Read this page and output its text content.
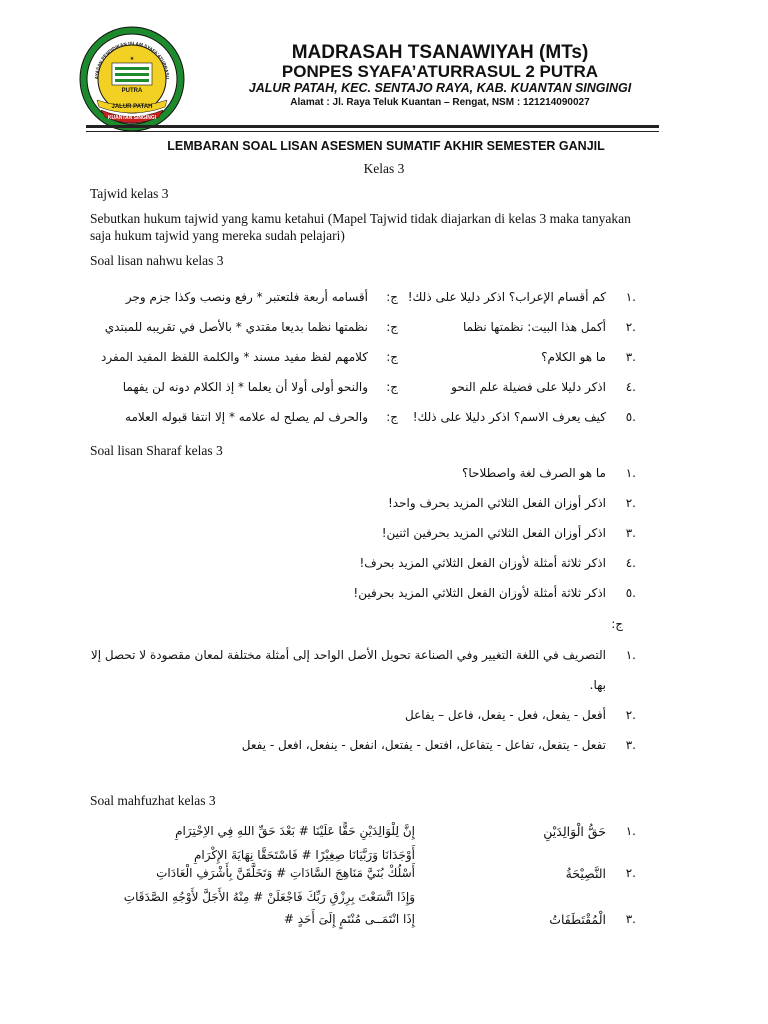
★
PUTRA
JALUR PATAH
KUANTAN SINGINGI
AYASAN PENDIDIKAN ISLAM SYAFA'ATURRASU
MADRASAH TSANAWIYAH (MTs)
PONPES SYAFA’ATURRASUL 2 PUTRA
JALUR PATAH, KEC. SENTAJO RAYA, KAB. KUANTAN SINGINGI
Alamat : Jl. Raya Teluk Kuantan – Rengat, NSM : 121214090027
LEMBARAN SOAL LISAN ASESMEN SUMATIF AKHIR SEMESTER GANJIL
Kelas 3
Tajwid kelas 3
Sebutkan hukum tajwid yang kamu ketahui (Mapel Tajwid tidak diajarkan di kelas 3 maka tanyakan saja hukum tajwid yang mereka sudah pelajari)
Soal lisan nahwu kelas 3
.١
كم أقسام الإعراب؟ اذكر دليلا على ذلك!
ج:
أقسامه أربعة فلتعتبر * رفع ونصب وكذا جزم وجر
.٢
أكمل هذا البيت: نظمتها نظما
ج:
نظمتها نظما بديعا مقتدي * بالأصل في تقريبه للمبتدي
.٣
ما هو الكلام؟
ج:
كلامهم لفظ مفيد مسند * والكلمة اللفظ المفيد المفرد
.٤
اذكر دليلا على فضيلة علم النحو
ج:
والنحو أولى أولا أن يعلما * إذ الكلام دونه لن يفهما
.٥
كيف يعرف الاسم؟ اذكر دليلا على ذلك!
ج:
والحرف لم يصلح له علامه * إلا انتفا قبوله العلامه
Soal lisan Sharaf kelas 3
.١
ما هو الصرف لغة واصطلاحا؟
.٢
اذكر أوزان الفعل الثلاثي المزيد بحرف واحد!
.٣
اذكر أوزان الفعل الثلاثي المزيد بحرفين اثنين!
.٤
اذكر ثلاثة أمثلة لأوزان الفعل الثلاثي المزيد بحرف!
.٥
اذكر ثلاثة أمثلة لأوزان الفعل الثلاثي المزيد بحرفين!
ج:
.١
التصريف في اللغة التغيير وفي الصناعة تحويل الأصل الواحد إلى أمثلة مختلفة لمعان مقصودة لا تحصل إلا
بها.
.٢
أفعل - يفعل، فعل - يفعل، فاعل – يفاعل
.٣
تفعل - يتفعل، تفاعل - يتفاعل، افتعل - يفتعل، انفعل - ينفعل، افعل - يفعل
Soal mahfuzhat kelas 3
.١
حَقُّ الْوَالِدَيْنِ
إِنَّ لِلْوَالِدَيْنِ حَقًّا عَلَيْنَا # بَعْدَ حَقِّ اللهِ فِي الاِحْتِرَامِ
أَوْجَدَانَا وَرَبَّيَانَا صِغِيْرًا # فَاسْتَحَقَّا نِهَايَةَ الإِكْرَامِ
.٢
النَّصِيْحَةُ
أَسْلُكْ بُنَيَّ مَنَاهِجَ السَّادَاتِ # وَتَخَلَّقَنَّ بِأَشْرَفِ الْعَادَاتِ
وَإِذَا اتَّسَعْتَ بِرِزْقِ رَبِّكَ فَاجْعَلَنْ # مِنْهُ الأَجَلَّ لأَوْجُهِ الصَّدَقَاتِ
.٣
الْمُقْتَطَفَاتُ
إِذَا انْتَمَــى مُنْتَمٍ إِلَىَ أَحَدٍ #
